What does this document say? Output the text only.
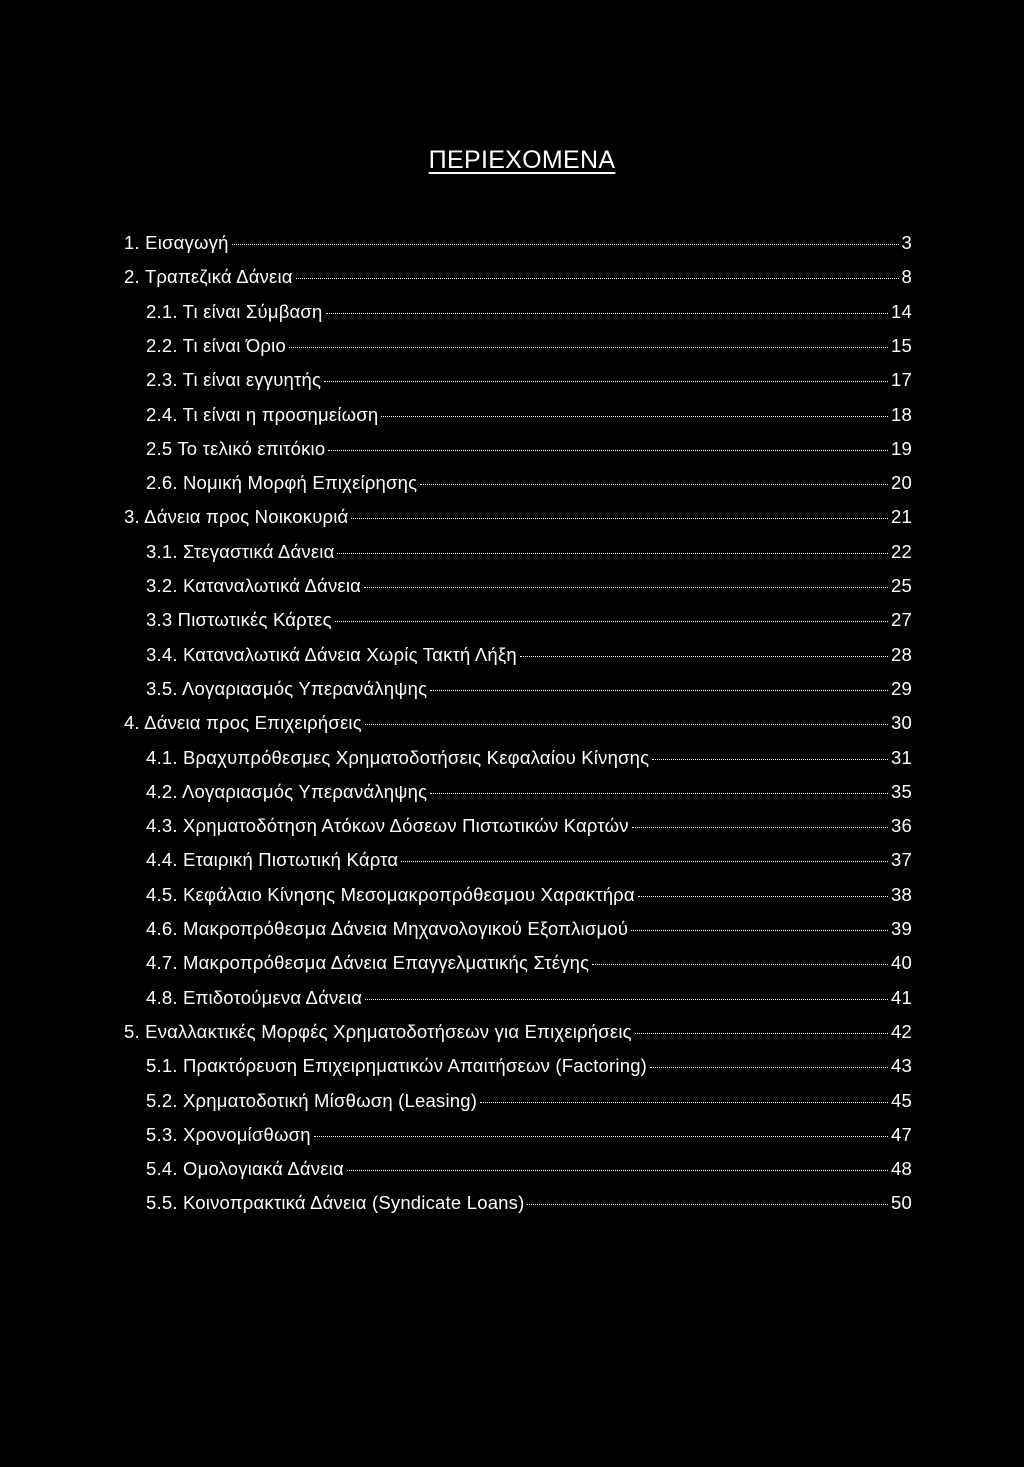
ΠΕΡΙΕΧΟΜΕΝΑ
1. Εισαγωγή	3
2. Τραπεζικά Δάνεια	8
2.1. Τι είναι Σύμβαση	14
2.2. Τι είναι Όριο	15
2.3. Τι είναι εγγυητής	17
2.4. Τι είναι η προσημείωση	18
2.5 Το τελικό επιτόκιο	19
2.6. Νομική Μορφή Επιχείρησης	20
3. Δάνεια προς Νοικοκυριά	21
3.1. Στεγαστικά Δάνεια	22
3.2. Καταναλωτικά Δάνεια	25
3.3 Πιστωτικές Κάρτες	27
3.4. Καταναλωτικά Δάνεια Χωρίς Τακτή Λήξη	28
3.5. Λογαριασμός Υπερανάληψης	29
4. Δάνεια προς Επιχειρήσεις	30
4.1. Βραχυπρόθεσμες Χρηματοδοτήσεις Κεφαλαίου Κίνησης	31
4.2. Λογαριασμός Υπερανάληψης	35
4.3. Χρηματοδότηση Ατόκων Δόσεων Πιστωτικών Καρτών	36
4.4. Εταιρική Πιστωτική Κάρτα	37
4.5. Κεφάλαιο Κίνησης Μεσομακροπρόθεσμου Χαρακτήρα	38
4.6. Μακροπρόθεσμα Δάνεια Μηχανολογικού Εξοπλισμού	39
4.7. Μακροπρόθεσμα Δάνεια Επαγγελματικής Στέγης	40
4.8. Επιδοτούμενα Δάνεια	41
5. Εναλλακτικές Μορφές Χρηματοδοτήσεων για Επιχειρήσεις	42
5.1. Πρακτόρευση Επιχειρηματικών Απαιτήσεων (Factoring)	43
5.2. Χρηματοδοτική Μίσθωση (Leasing)	45
5.3. Χρονομίσθωση	47
5.4. Ομολογιακά Δάνεια	48
5.5. Κοινοπρακτικά Δάνεια (Syndicate Loans)	50
